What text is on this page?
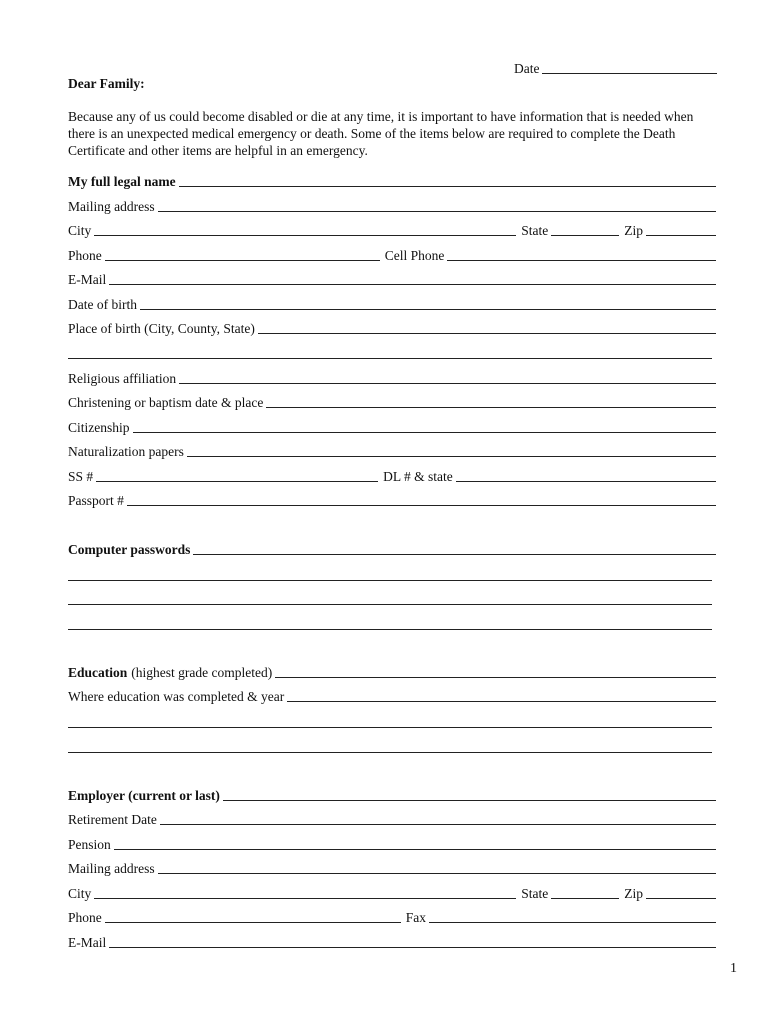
Date
Dear Family:

Because any of us could become disabled or die at any time, it is important to have information that is needed when there is an unexpected medical emergency or death. Some of the items below are required to complete the Death Certificate and other items are helpful in an emergency.

My full legal name
Mailing address
City	State	Zip
Phone	Cell Phone
E-Mail
Date of birth
Place of birth (City, County, State)
Religious affiliation
Christening or baptism date & place
Citizenship
Naturalization papers
SS #	DL # & state
Passport #
Computer passwords
Education (highest grade completed)
Where education was completed & year
Employer (current or last)
Retirement Date
Pension
Mailing address
City	State	Zip
Phone	Fax
E-Mail
1
